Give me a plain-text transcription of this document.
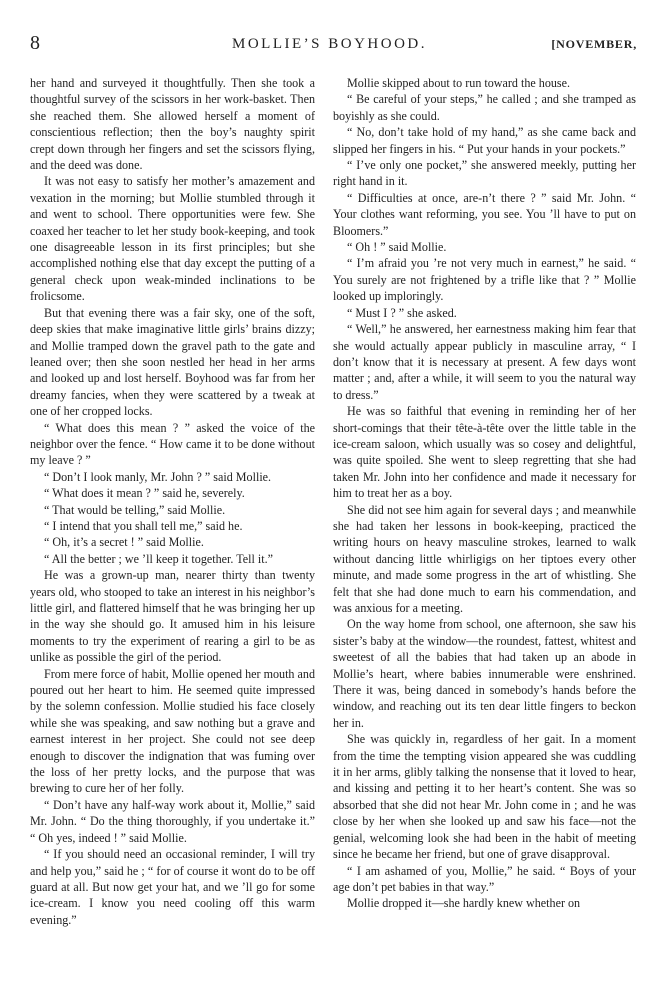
8	MOLLIE’S BOYHOOD.	[NOVEMBER,

her hand and surveyed it thoughtfully. Then she took a thoughtful survey of the scissors in her work-basket. Then she reached them. She allowed herself a moment of conscientious reflection; then the boy’s naughty spirit crept down through her fingers and set the scissors flying, and the deed was done.

It was not easy to satisfy her mother’s amazement and vexation in the morning; but Mollie stumbled through it and went to school. There opportunities were few. She coaxed her teacher to let her study book-keeping, and took one disagreeable lesson in its first principles; but she accomplished nothing else that day except the putting of a general check upon weak-minded inclinations to be frolicsome.

But that evening there was a fair sky, one of the soft, deep skies that make imaginative little girls’ brains dizzy; and Mollie tramped down the gravel path to the gate and leaned over; then she soon nestled her head in her arms and looked up and lost herself. Boyhood was far from her dreamy fancies, when they were scattered by a tweak at one of her cropped locks.

“ What does this mean ? ” asked the voice of the neighbor over the fence. “ How came it to be done without my leave ? ”

“ Don’t I look manly, Mr. John ? ” said Mollie.

“ What does it mean ? ” said he, severely.

“ That would be telling,” said Mollie.

“ I intend that you shall tell me,” said he.

“ Oh, it’s a secret ! ” said Mollie.

“ All the better ; we ’ll keep it together. Tell it.”

He was a grown-up man, nearer thirty than twenty years old, who stooped to take an interest in his neighbor’s little girl, and flattered himself that he was bringing her up in the way she should go. It amused him in his leisure moments to try the experiment of rearing a girl to be as unlike as possible the girl of the period.

From mere force of habit, Mollie opened her mouth and poured out her heart to him. He seemed quite impressed by the solemn confession. Mollie studied his face closely while she was speaking, and saw nothing but a grave and earnest interest in her project. She could not see deep enough to discover the indignation that was fuming over the loss of her pretty locks, and the purpose that was brewing to cure her of her folly.

“ Don’t have any half-way work about it, Mollie,” said Mr. John. “ Do the thing thoroughly, if you undertake it.” “ Oh yes, indeed ! ” said Mollie.

“ If you should need an occasional reminder, I will try and help you,” said he ; “ for of course it wont do to be off guard at all. But now get your hat, and we ’ll go for some ice-cream. I know you need cooling off this warm evening.”

Mollie skipped about to run toward the house.

“ Be careful of your steps,” he called ; and she tramped as boyishly as she could.

“ No, don’t take hold of my hand,” as she came back and slipped her fingers in his. “ Put your hands in your pockets.”

“ I’ve only one pocket,” she answered meekly, putting her right hand in it.

“ Difficulties at once, are-n’t there ? ” said Mr. John. “ Your clothes want reforming, you see. You ’ll have to put on Bloomers.”

“ Oh ! ” said Mollie.

“ I’m afraid you ’re not very much in earnest,” he said. “ You surely are not frightened by a trifle like that ? ” Mollie looked up imploringly.

“ Must I ? ” she asked.

“ Well,” he answered, her earnestness making him fear that she would actually appear publicly in masculine array, “ I don’t know that it is necessary at present. A few days wont matter ; and, after a while, it will seem to you the natural way to dress.”

He was so faithful that evening in reminding her of her short-comings that their tête-à-tête over the little table in the ice-cream saloon, which usually was so cosey and delightful, was quite spoiled. She went to sleep regretting that she had taken Mr. John into her confidence and made it necessary for him to treat her as a boy.

She did not see him again for several days ; and meanwhile she had taken her lessons in book-keeping, practiced the writing hours on heavy masculine strokes, learned to walk without dancing little whirligigs on her tiptoes every other minute, and made some progress in the art of whistling. She felt that she had done much to earn his commendation, and was anxious for a meeting.

On the way home from school, one afternoon, she saw his sister’s baby at the window—the roundest, fattest, whitest and sweetest of all the babies that had taken up an abode in Mollie’s heart, where babies innumerable were enshrined. There it was, being danced in somebody’s hands before the window, and reaching out its ten dear little fingers to beckon her in.

She was quickly in, regardless of her gait. In a moment from the time the tempting vision appeared she was cuddling it in her arms, glibly talking the nonsense that it loved to hear, and kissing and petting it to her heart’s content. She was so absorbed that she did not hear Mr. John come in ; and he was close by her when she looked up and saw his face—not the genial, welcoming look she had been in the habit of meeting since he became her friend, but one of grave disapproval.

“ I am ashamed of you, Mollie,” he said. “ Boys of your age don’t pet babies in that way.”

Mollie dropped it—she hardly knew whether on
